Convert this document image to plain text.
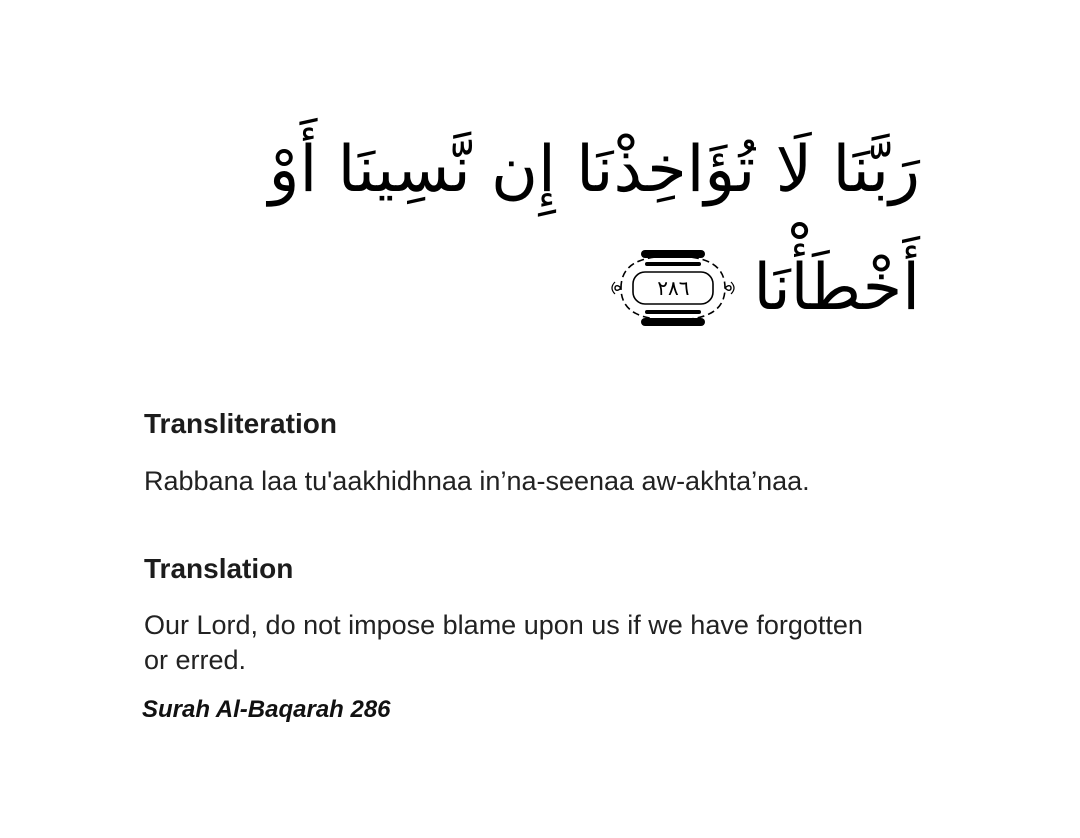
رَبَّنَا لَا تُؤَاخِذْنَا إِن نَّسِينَا أَوْ
أَخْطَأْنَا
٢٨٦
Transliteration

Rabbana laa tu'aakhidhnaa in’na-seenaa aw-akhta’naa.

Translation

Our Lord, do not impose blame upon us if we have forgotten or erred.

Surah Al-Baqarah 286
